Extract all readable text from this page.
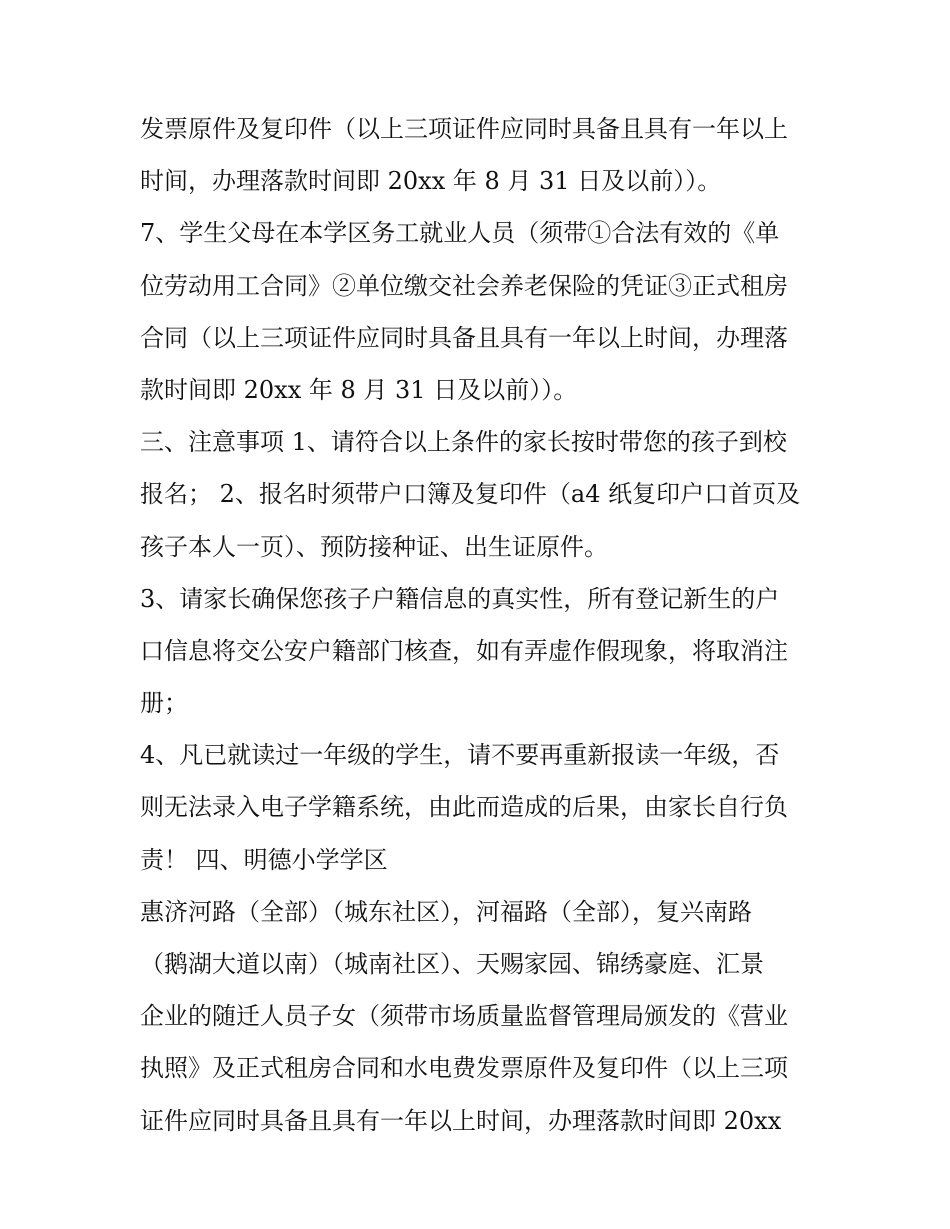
发票原件及复印件（以上三项证件应同时具备且具有一年以上
时间，办理落款时间即 20xx 年 8 月 31 日及以前））。
7、学生父母在本学区务工就业人员（须带①合法有效的《单
位劳动用工合同》②单位缴交社会养老保险的凭证③正式租房
合同（以上三项证件应同时具备且具有一年以上时间，办理落
款时间即 20xx 年 8 月 31 日及以前））。
三、注意事项 1、请符合以上条件的家长按时带您的孩子到校
报名； 2、报名时须带户口簿及复印件（a4 纸复印户口首页及
孩子本人一页）、预防接种证、出生证原件。
3、请家长确保您孩子户籍信息的真实性，所有登记新生的户
口信息将交公安户籍部门核查，如有弄虚作假现象，将取消注
册；
4、凡已就读过一年级的学生，请不要再重新报读一年级，否
则无法录入电子学籍系统，由此而造成的后果，由家长自行负
责！ 四、明德小学学区
惠济河路（全部）（城东社区），河福路（全部），复兴南路
（鹅湖大道以南）（城南社区）、天赐家园、锦绣豪庭、汇景
企业的随迁人员子女（须带市场质量监督管理局颁发的《营业
执照》及正式租房合同和水电费发票原件及复印件（以上三项
证件应同时具备且具有一年以上时间，办理落款时间即 20xx
